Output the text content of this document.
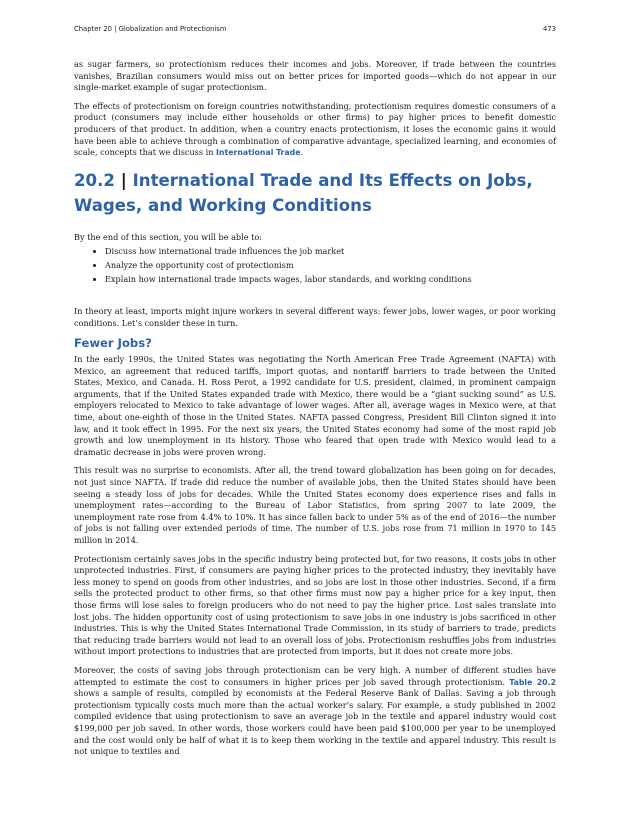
Chapter 20 | Globalization and Protectionism	473

as sugar farmers, so protectionism reduces their incomes and jobs. Moreover, if trade between the countries vanishes, Brazilian consumers would miss out on better prices for imported goods—which do not appear in our single-market example of sugar protectionism.

The effects of protectionism on foreign countries notwithstanding, protectionism requires domestic consumers of a product (consumers may include either households or other firms) to pay higher prices to benefit domestic producers of that product. In addition, when a country enacts protectionism, it loses the economic gains it would have been able to achieve through a combination of comparative advantage, specialized learning, and economies of scale, concepts that we discuss in International Trade.

20.2 | International Trade and Its Effects on Jobs, Wages, and Working Conditions

By the end of this section, you will be able to:

• Discuss how international trade influences the job market
• Analyze the opportunity cost of protectionism
• Explain how international trade impacts wages, labor standards, and working conditions

In theory at least, imports might injure workers in several different ways: fewer jobs, lower wages, or poor working conditions. Let’s consider these in turn.

Fewer Jobs?

In the early 1990s, the United States was negotiating the North American Free Trade Agreement (NAFTA) with Mexico, an agreement that reduced tariffs, import quotas, and nontariff barriers to trade between the United States, Mexico, and Canada. H. Ross Perot, a 1992 candidate for U.S. president, claimed, in prominent campaign arguments, that if the United States expanded trade with Mexico, there would be a “giant sucking sound” as U.S. employers relocated to Mexico to take advantage of lower wages. After all, average wages in Mexico were, at that time, about one-eighth of those in the United States. NAFTA passed Congress, President Bill Clinton signed it into law, and it took effect in 1995. For the next six years, the United States economy had some of the most rapid job growth and low unemployment in its history. Those who feared that open trade with Mexico would lead to a dramatic decrease in jobs were proven wrong.

This result was no surprise to economists. After all, the trend toward globalization has been going on for decades, not just since NAFTA. If trade did reduce the number of available jobs, then the United States should have been seeing a steady loss of jobs for decades. While the United States economy does experience rises and falls in unemployment rates—according to the Bureau of Labor Statistics, from spring 2007 to late 2009, the unemployment rate rose from 4.4% to 10%. It has since fallen back to under 5% as of the end of 2016—the number of jobs is not falling over extended periods of time. The number of U.S. jobs rose from 71 million in 1970 to 145 million in 2014.

Protectionism certainly saves jobs in the specific industry being protected but, for two reasons, it costs jobs in other unprotected industries. First, if consumers are paying higher prices to the protected industry, they inevitably have less money to spend on goods from other industries, and so jobs are lost in those other industries. Second, if a firm sells the protected product to other firms, so that other firms must now pay a higher price for a key input, then those firms will lose sales to foreign producers who do not need to pay the higher price. Lost sales translate into lost jobs. The hidden opportunity cost of using protectionism to save jobs in one industry is jobs sacrificed in other industries. This is why the United States International Trade Commission, in its study of barriers to trade, predicts that reducing trade barriers would not lead to an overall loss of jobs. Protectionism reshuffles jobs from industries without import protections to industries that are protected from imports, but it does not create more jobs.

Moreover, the costs of saving jobs through protectionism can be very high. A number of different studies have attempted to estimate the cost to consumers in higher prices per job saved through protectionism. Table 20.2 shows a sample of results, compiled by economists at the Federal Reserve Bank of Dallas. Saving a job through protectionism typically costs much more than the actual worker’s salary. For example, a study published in 2002 compiled evidence that using protectionism to save an average job in the textile and apparel industry would cost $199,000 per job saved. In other words, those workers could have been paid $100,000 per year to be unemployed and the cost would only be half of what it is to keep them working in the textile and apparel industry. This result is not unique to textiles and
